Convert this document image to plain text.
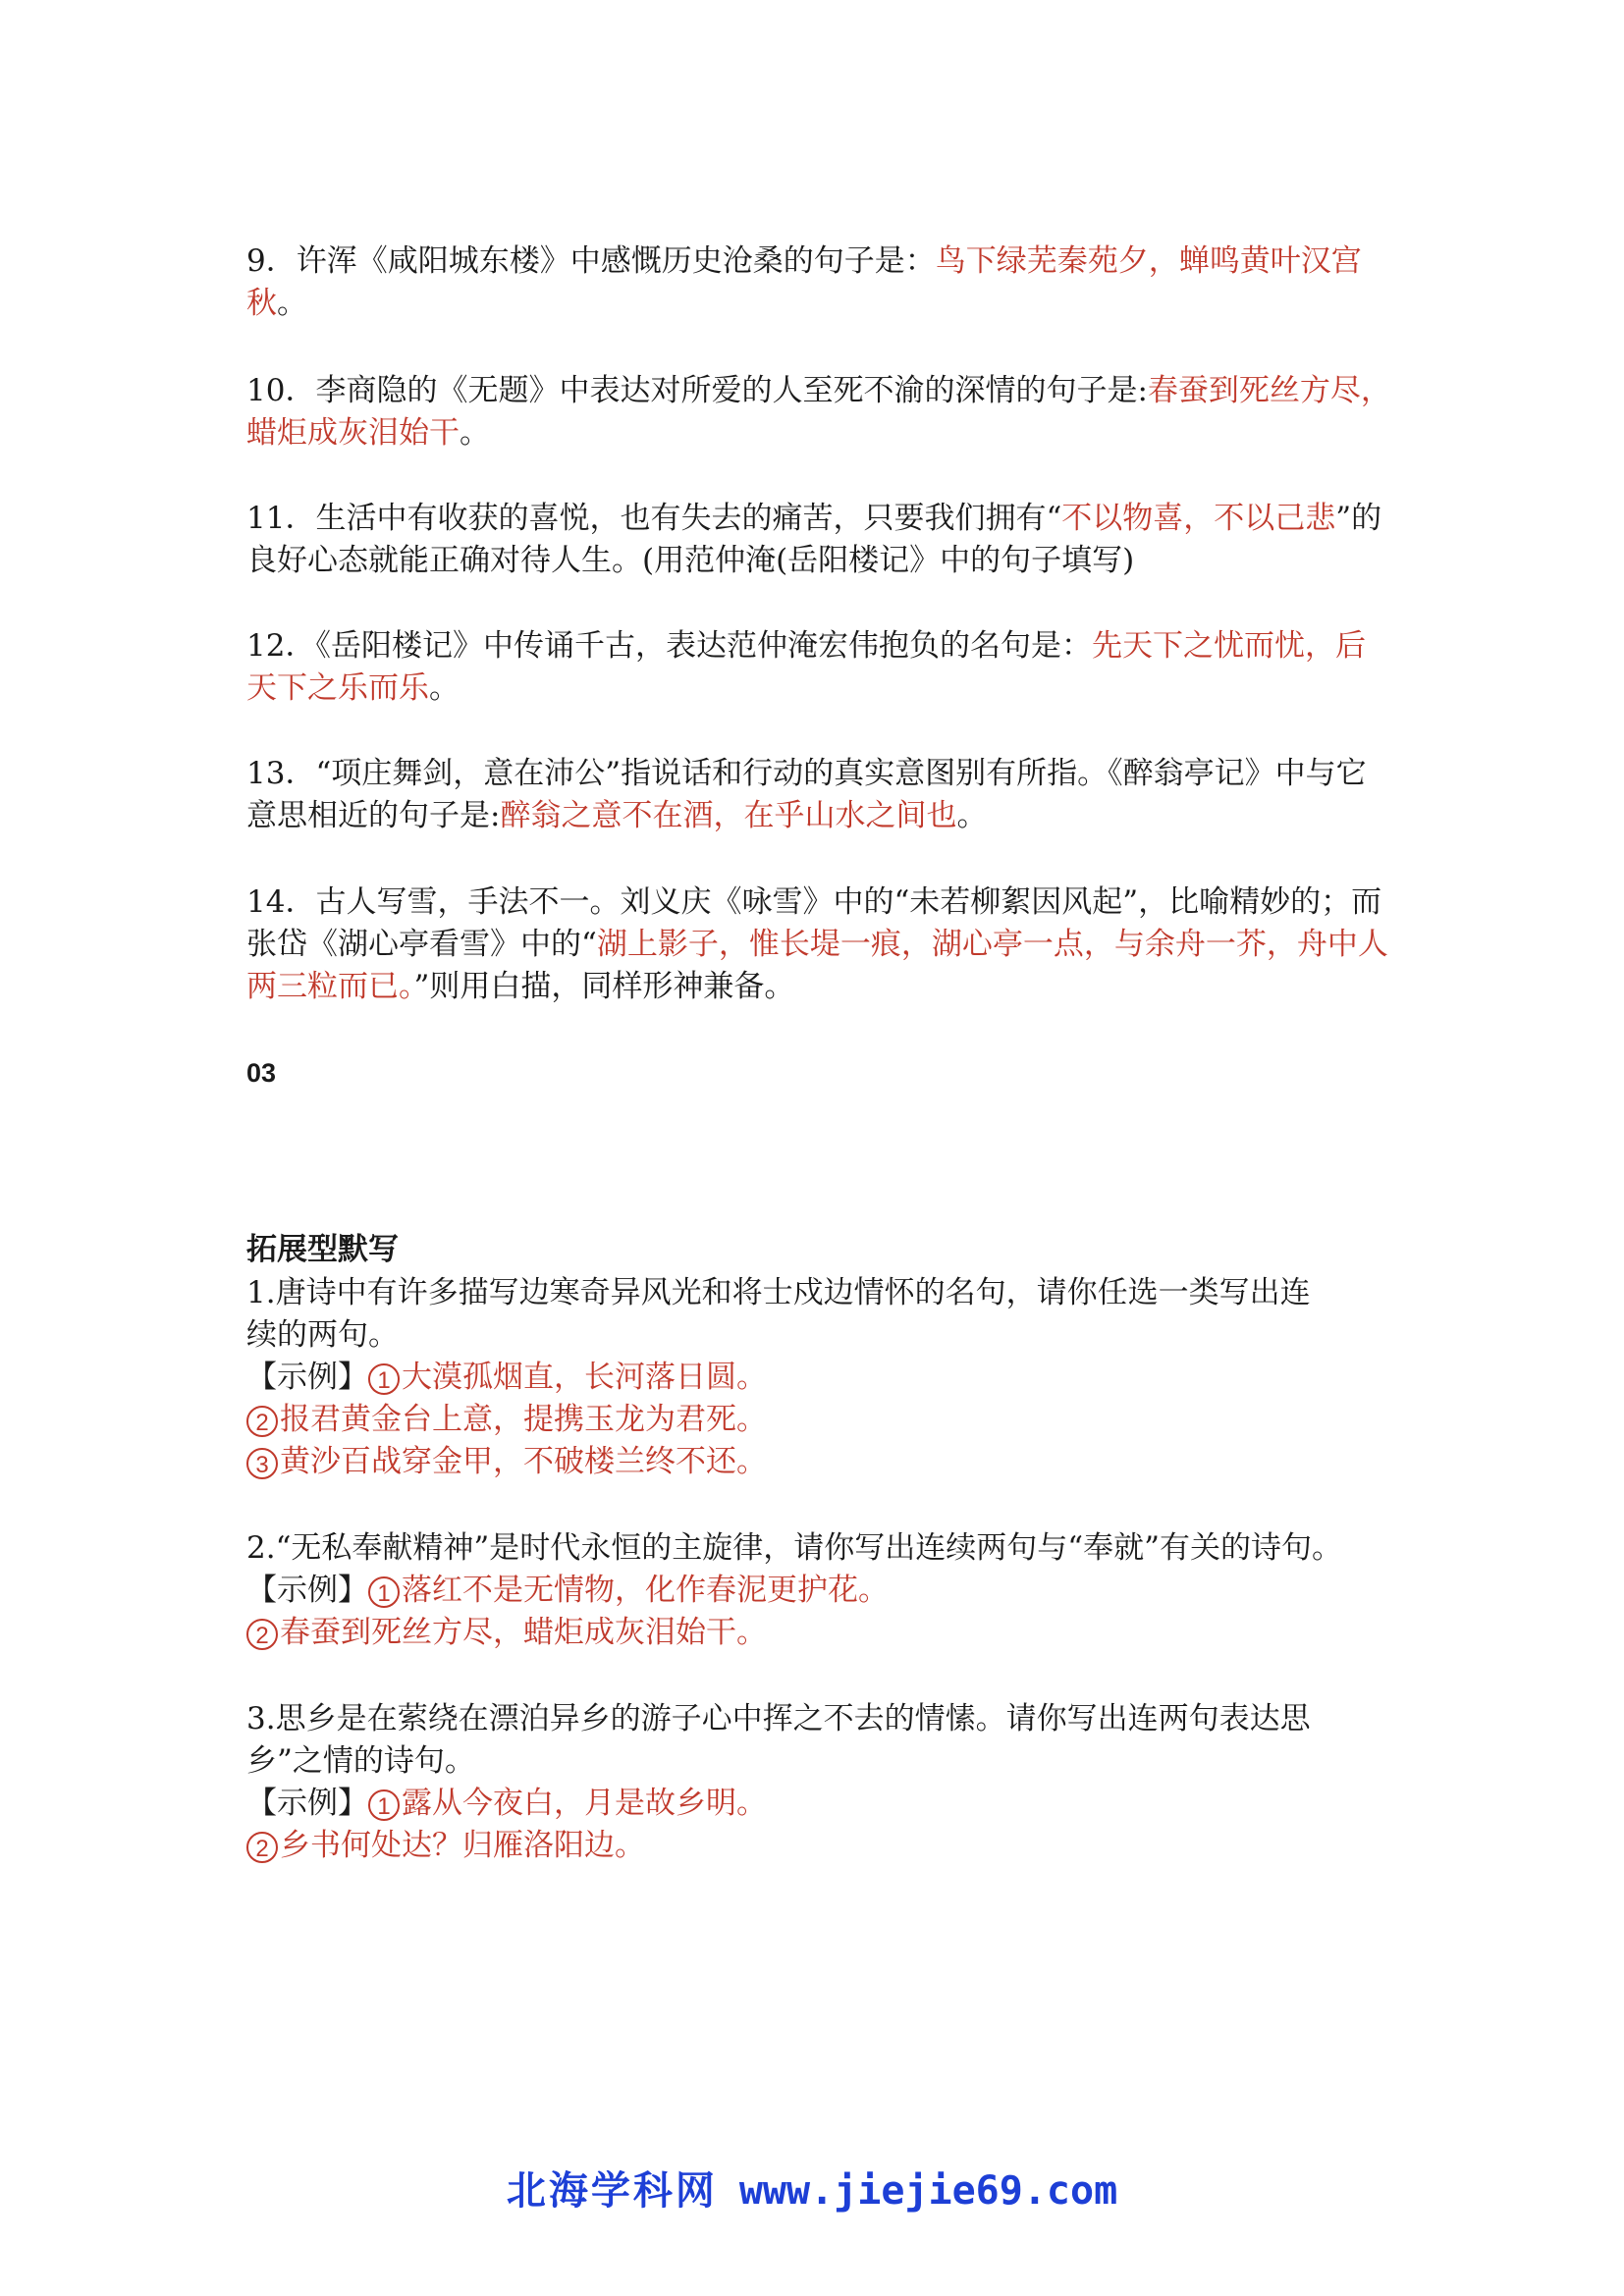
9．许浑《咸阳城东楼》中感慨历史沧桑的句子是：鸟下绿芜秦苑夕，蝉鸣黄叶汉宫秋。

10．李商隐的《无题》中表达对所爱的人至死不渝的深情的句子是:春蚕到死丝方尽，蜡炬成灰泪始干。

11．生活中有收获的喜悦，也有失去的痛苦，只要我们拥有“不以物喜，不以己悲”的良好心态就能正确对待人生。(用范仲淹(岳阳楼记》中的句子填写)

12．《岳阳楼记》中传诵千古，表达范仲淹宏伟抱负的名句是：先天下之忧而忧，后天下之乐而乐。

13．“项庄舞剑，意在沛公”指说话和行动的真实意图别有所指。《醉翁亭记》中与它意思相近的句子是:醉翁之意不在酒，在乎山水之间也。

14．古人写雪，手法不一。刘义庆《咏雪》中的“未若柳絮因风起”，比喻精妙的；而张岱《湖心亭看雪》中的“湖上影子，惟长堤一痕，湖心亭一点，与余舟一芥，舟中人两三粒而已。”则用白描，同样形神兼备。

03
拓展型默写
1.唐诗中有许多描写边寒奇异风光和将士戍边情怀的名句，请你任选一类写出连
续的两句。
【示例】 1 大漠孤烟直，长河落日圆。
2 报君黄金台上意，提携玉龙为君死。
3 黄沙百战穿金甲，不破楼兰终不还。
2.“无私奉献精神”是时代永恒的主旋律，请你写出连续两句与“奉就”有关的诗句。
【示例】 1 落红不是无情物，化作春泥更护花。
2 春蚕到死丝方尽，蜡炬成灰泪始干。
3.思乡是在萦绕在漂泊异乡的游子心中挥之不去的情愫。请你写出连两句表达思
乡”之情的诗句。
【示例】 1 露从今夜白，月是故乡明。
2 乡书何处达？归雁洛阳边。
北海学科网 www.jiejie69.com
